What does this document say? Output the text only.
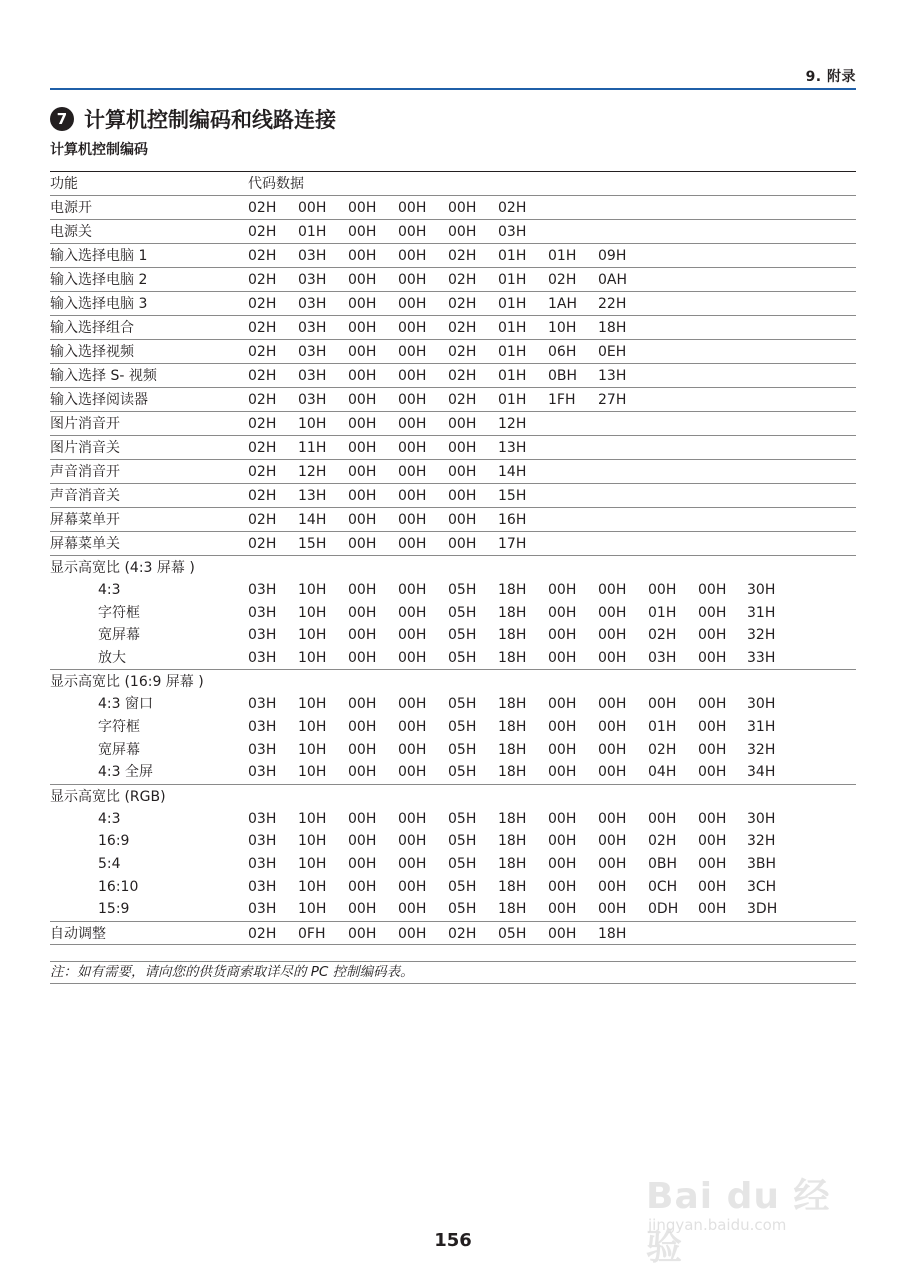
9. 附录
7 计算机控制编码和线路连接
计算机控制编码
功能	代码数据
电源开	02H 00H 00H 00H 00H 02H
电源关	02H 01H 00H 00H 00H 03H
输入选择电脑 1	02H 03H 00H 00H 02H 01H 01H 09H
输入选择电脑 2	02H 03H 00H 00H 02H 01H 02H 0AH
输入选择电脑 3	02H 03H 00H 00H 02H 01H 1AH 22H
输入选择组合	02H 03H 00H 00H 02H 01H 10H 18H
输入选择视频	02H 03H 00H 00H 02H 01H 06H 0EH
输入选择 S- 视频	02H 03H 00H 00H 02H 01H 0BH 13H
输入选择阅读器	02H 03H 00H 00H 02H 01H 1FH 27H
图片消音开	02H 10H 00H 00H 00H 12H
图片消音关	02H 11H 00H 00H 00H 13H
声音消音开	02H 12H 00H 00H 00H 14H
声音消音关	02H 13H 00H 00H 00H 15H
屏幕菜单开	02H 14H 00H 00H 00H 16H
屏幕菜单关	02H 15H 00H 00H 00H 17H
显示高宽比 (4:3 屏幕 )
4:3	03H 10H 00H 00H 05H 18H 00H 00H 00H 00H 30H
字符框	03H 10H 00H 00H 05H 18H 00H 00H 01H 00H 31H
宽屏幕	03H 10H 00H 00H 05H 18H 00H 00H 02H 00H 32H
放大	03H 10H 00H 00H 05H 18H 00H 00H 03H 00H 33H
显示高宽比 (16:9 屏幕 )
4:3 窗口	03H 10H 00H 00H 05H 18H 00H 00H 00H 00H 30H
字符框	03H 10H 00H 00H 05H 18H 00H 00H 01H 00H 31H
宽屏幕	03H 10H 00H 00H 05H 18H 00H 00H 02H 00H 32H
4:3 全屏	03H 10H 00H 00H 05H 18H 00H 00H 04H 00H 34H
显示高宽比 (RGB)
4:3	03H 10H 00H 00H 05H 18H 00H 00H 00H 00H 30H
16:9	03H 10H 00H 00H 05H 18H 00H 00H 02H 00H 32H
5:4	03H 10H 00H 00H 05H 18H 00H 00H 0BH 00H 3BH
16:10	03H 10H 00H 00H 05H 18H 00H 00H 0CH 00H 3CH
15:9	03H 10H 00H 00H 05H 18H 00H 00H 0DH 00H 3DH
自动调整	02H 0FH 00H 00H 02H 05H 00H 18H
注：如有需要，请向您的供货商索取详尽的 PC 控制编码表。
Bai du 经验
jingyan.baidu.com
156
